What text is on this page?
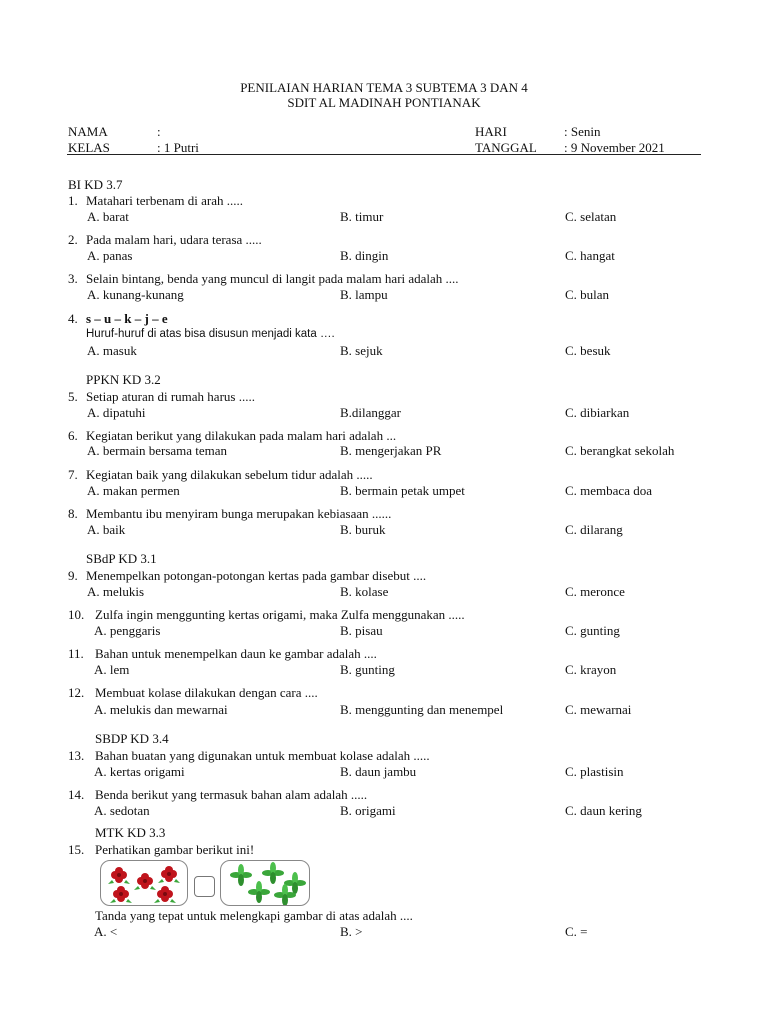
PENILAIAN HARIAN TEMA 3 SUBTEMA 3 DAN 4
SDIT AL MADINAH PONTIANAK
NAMA	:
KELAS	: 1 Putri
HARI	: Senin
TANGGAL : 9 November 2021
BI KD 3.7
1. Matahari terbenam di arah .....
A. barat	B. timur	C. selatan
2. Pada malam hari, udara terasa .....
A. panas	B. dingin	C. hangat
3. Selain bintang, benda yang muncul di langit pada malam hari adalah ....
A. kunang-kunang	B. lampu	C. bulan
4. s – u – k – j – e
Huruf-huruf di atas bisa disusun menjadi kata ….
A. masuk	B. sejuk	C. besuk
PPKN KD 3.2
5. Setiap aturan di rumah harus .....
A. dipatuhi	B.dilanggar	C. dibiarkan
6. Kegiatan berikut yang dilakukan pada malam hari adalah ...
A. bermain bersama teman	B. mengerjakan PR	C. berangkat sekolah
7. Kegiatan baik yang dilakukan sebelum tidur adalah .....
A. makan permen	B. bermain petak umpet	C. membaca doa
8. Membantu ibu menyiram bunga merupakan kebiasaan ......
A. baik	B. buruk	C. dilarang
SBdP KD 3.1
9. Menempelkan potongan-potongan kertas pada gambar disebut ....
A. melukis	B. kolase	C. meronce
10. Zulfa ingin menggunting kertas origami, maka Zulfa menggunakan .....
A. penggaris	B. pisau	C. gunting
11. Bahan untuk menempelkan daun ke gambar adalah ....
A. lem	B. gunting	C. krayon
12. Membuat kolase dilakukan dengan cara ....
A. melukis dan mewarnai	B. menggunting dan menempel	C. mewarnai
SBDP KD 3.4
13. Bahan buatan yang digunakan untuk membuat kolase adalah .....
A. kertas origami	B. daun jambu	C. plastisin
14. Benda berikut yang termasuk bahan alam adalah .....
A. sedotan	B. origami	C. daun kering
MTK KD 3.3
15. Perhatikan gambar berikut ini!
Tanda yang tepat untuk melengkapi gambar di atas adalah ....
A. <	B. >	C. =
